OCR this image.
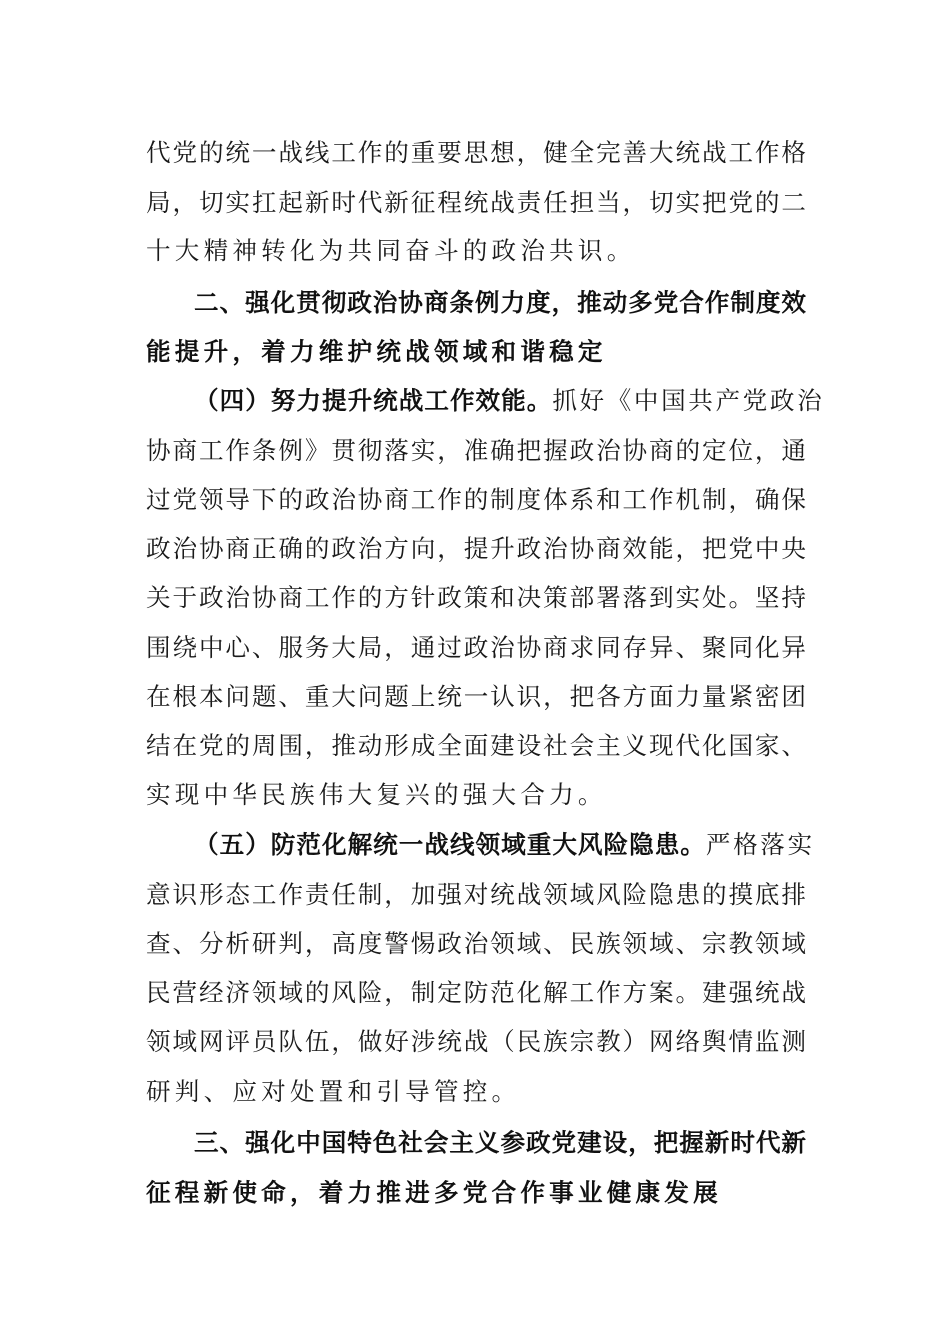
代党的统一战线工作的重要思想，健全完善大统战工作格
局，切实扛起新时代新征程统战责任担当，切实把党的二
十大精神转化为共同奋斗的政治共识。
二、强化贯彻政治协商条例力度，推动多党合作制度效
能提升，着力维护统战领域和谐稳定
（四）努力提升统战工作效能。抓好《中国共产党政治
协商工作条例》贯彻落实，准确把握政治协商的定位，通
过党领导下的政治协商工作的制度体系和工作机制，确保
政治协商正确的政治方向，提升政治协商效能，把党中央
关于政治协商工作的方针政策和决策部署落到实处。坚持
围绕中心、服务大局，通过政治协商求同存异、聚同化异
在根本问题、重大问题上统一认识，把各方面力量紧密团
结在党的周围，推动形成全面建设社会主义现代化国家、
实现中华民族伟大复兴的强大合力。
（五）防范化解统一战线领域重大风险隐患。严格落实
意识形态工作责任制，加强对统战领域风险隐患的摸底排
查、分析研判，高度警惕政治领域、民族领域、宗教领域
民营经济领域的风险，制定防范化解工作方案。建强统战
领域网评员队伍，做好涉统战（民族宗教）网络舆情监测
研判、应对处置和引导管控。
三、强化中国特色社会主义参政党建设，把握新时代新
征程新使命，着力推进多党合作事业健康发展
